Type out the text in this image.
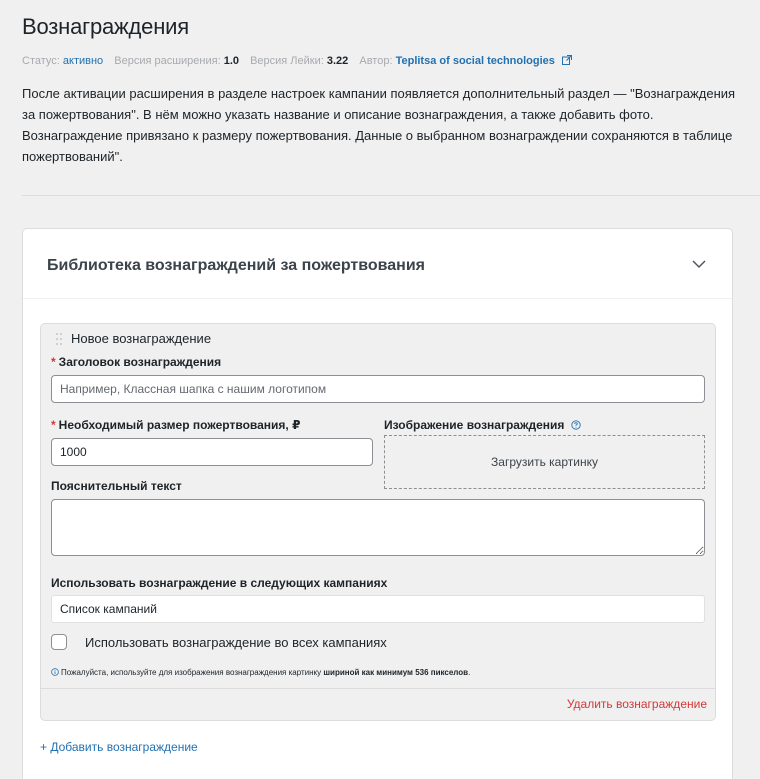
Вознаграждения
Статус: активно Версия расширения: 1.0 Версия Лейки: 3.22 Автор: Teplitsa of social technologies

После активации расширения в разделе настроек кампании появляется дополнительный раздел — "Вознаграждения за пожертвования". В нём можно указать название и описание вознаграждения, а также добавить фото. Вознаграждение привязано к размеру пожертвования. Данные о выбранном вознаграждении сохраняются в таблице пожертвований".

Библиотека вознаграждений за пожертвования
Новое вознаграждение
* Заголовок вознаграждения
Например, Классная шапка с нашим логотипом
* Необходимый размер пожертвования, ₽
1000	Изображение вознаграждения
Загрузить картинку
Пояснительный текст
Использовать вознаграждение в следующих кампаниях
Список кампаний
Использовать вознаграждение во всех кампаниях
Пожалуйста, используйте для изображения вознаграждения картинку шириной как минимум 536 пикселов.
Удалить вознаграждение
+ Добавить вознаграждение
